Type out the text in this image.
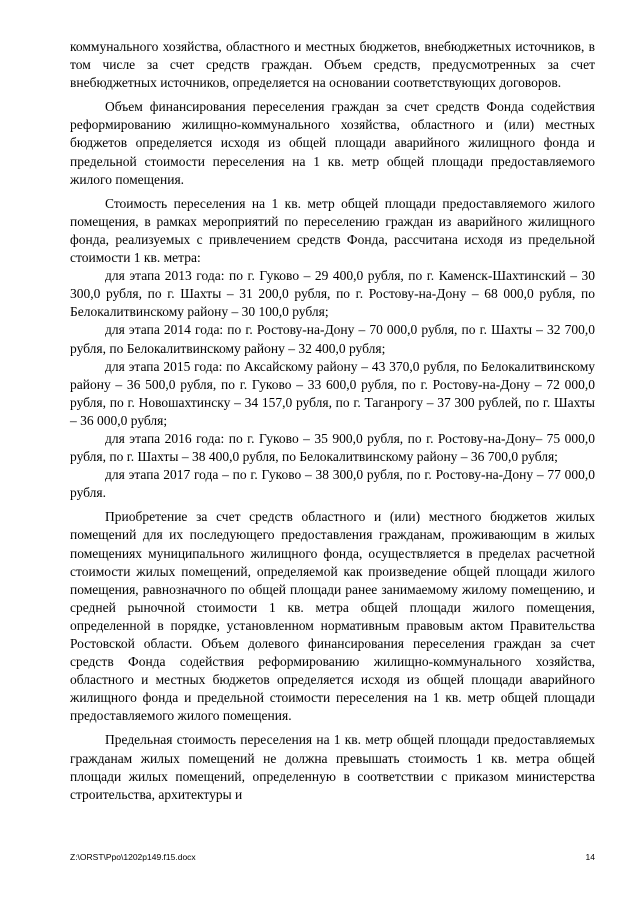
коммунального хозяйства, областного и местных бюджетов, внебюджетных источников, в том числе за счет средств граждан. Объем средств, предусмотренных за счет внебюджетных источников, определяется на основании соответствующих договоров.

Объем финансирования переселения граждан за счет средств Фонда содействия реформированию жилищно-коммунального хозяйства, областного и (или) местных бюджетов определяется исходя из общей площади аварийного жилищного фонда и предельной стоимости переселения на 1 кв. метр общей площади предоставляемого жилого помещения.

Стоимость переселения на 1 кв. метр общей площади предоставляемого жилого помещения, в рамках мероприятий по переселению граждан из аварийного жилищного фонда, реализуемых с привлечением средств Фонда, рассчитана исходя из предельной стоимости 1 кв. метра:

для этапа 2013 года: по г. Гуково – 29 400,0 рубля, по г. Каменск-Шахтинский – 30 300,0 рубля, по г. Шахты – 31 200,0 рубля, по г. Ростову-на-Дону – 68 000,0 рубля, по Белокалитвинскому району – 30 100,0 рубля;

для этапа 2014 года: по г. Ростову-на-Дону – 70 000,0 рубля, по г. Шахты – 32 700,0 рубля, по Белокалитвинскому району – 32 400,0 рубля;

для этапа 2015 года: по Аксайскому району – 43 370,0 рубля, по Белокалитвинскому району – 36 500,0 рубля, по г. Гуково – 33 600,0 рубля, по г. Ростову-на-Дону – 72 000,0 рубля, по г. Новошахтинску – 34 157,0 рубля, по г. Таганрогу – 37 300 рублей, по г. Шахты – 36 000,0 рубля;

для этапа 2016 года: по г. Гуково – 35 900,0 рубля, по г. Ростову-на-Дону– 75 000,0 рубля, по г. Шахты – 38 400,0 рубля, по Белокалитвинскому району – 36 700,0 рубля;

для этапа 2017 года – по г. Гуково – 38 300,0 рубля, по г. Ростову-на-Дону – 77 000,0 рубля.

Приобретение за счет средств областного и (или) местного бюджетов жилых помещений для их последующего предоставления гражданам, проживающим в жилых помещениях муниципального жилищного фонда, осуществляется в пределах расчетной стоимости жилых помещений, определяемой как произведение общей площади жилого помещения, равнозначного по общей площади ранее занимаемому жилому помещению, и средней рыночной стоимости 1 кв. метра общей площади жилого помещения, определенной в порядке, установленном нормативным правовым актом Правительства Ростовской области. Объем долевого финансирования переселения граждан за счет средств Фонда содействия реформированию жилищно-коммунального хозяйства, областного и местных бюджетов определяется исходя из общей площади аварийного жилищного фонда и предельной стоимости переселения на 1 кв. метр общей площади предоставляемого жилого помещения.

Предельная стоимость переселения на 1 кв. метр общей площади предоставляемых гражданам жилых помещений не должна превышать стоимость 1 кв. метра общей площади жилых помещений, определенную в соответствии с приказом министерства строительства, архитектуры и

Z:\ORST\Ppo\1202p149.f15.docx	14
